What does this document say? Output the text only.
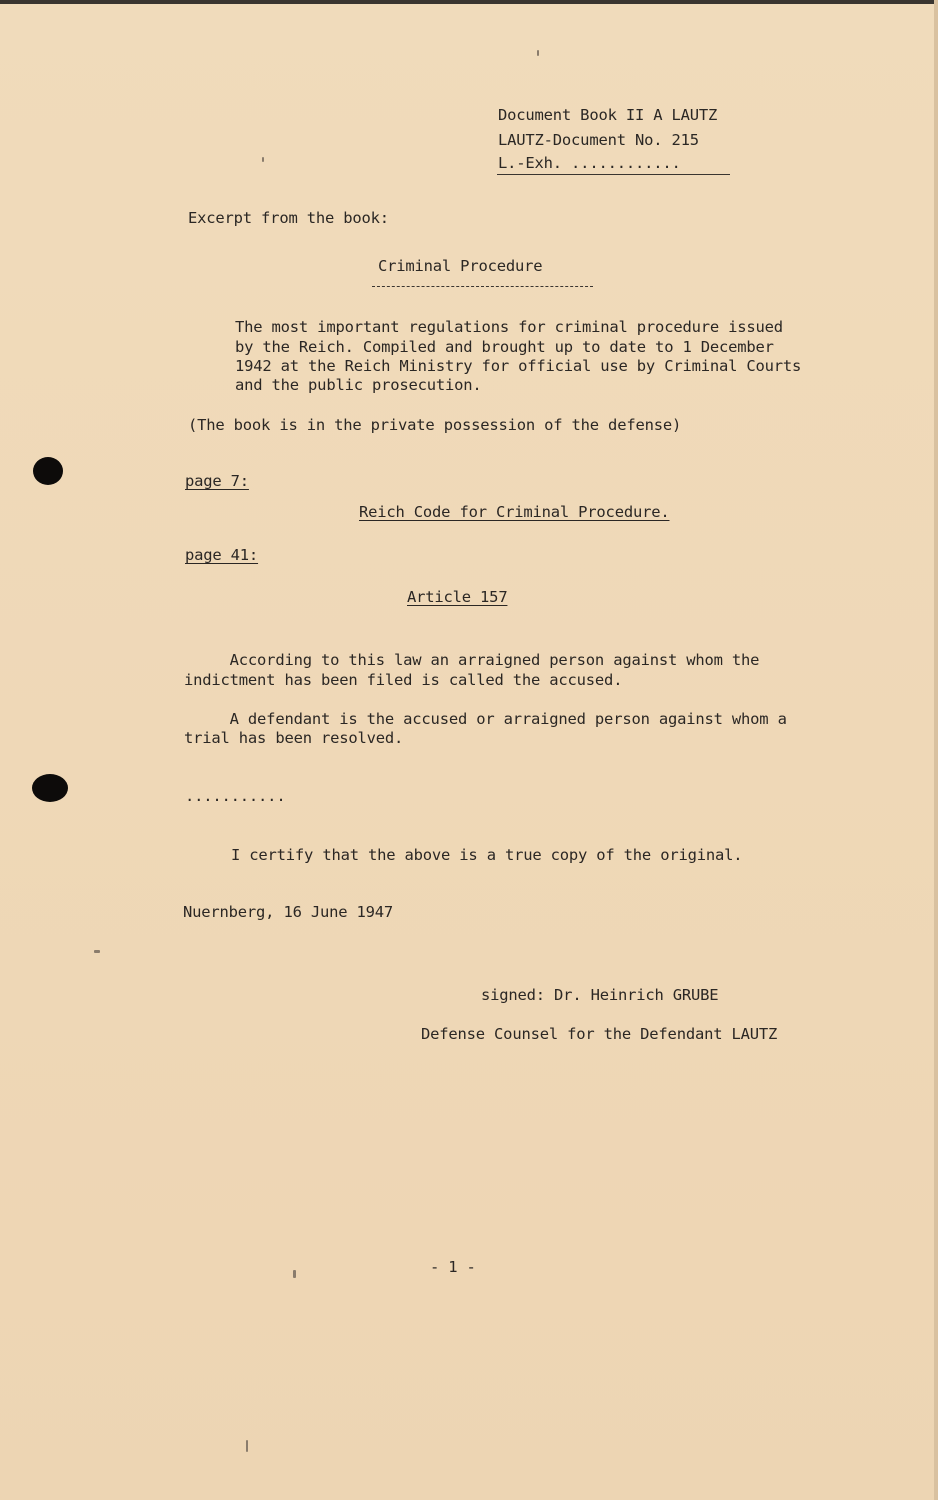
Document Book II A LAUTZ
LAUTZ-Document No. 215
L.-Exh. ............
Excerpt from the book:
Criminal Procedure
The most important regulations for criminal procedure issued
by the Reich. Compiled and brought up to date to 1 December
1942 at the Reich Ministry for official use by Criminal Courts
and the public prosecution.
(The book is in the private possession of the defense)
page 7:
Reich Code for Criminal Procedure.
page 41:
Article 157
According to this law an arraigned person against whom the
indictment has been filed is called the accused.
A defendant is the accused or arraigned person against whom a
trial has been resolved.
...........
I certify that the above is a true copy of the original.
Nuernberg, 16 June 1947
signed: Dr. Heinrich GRUBE
Defense Counsel for the Defendant LAUTZ
- 1 -
